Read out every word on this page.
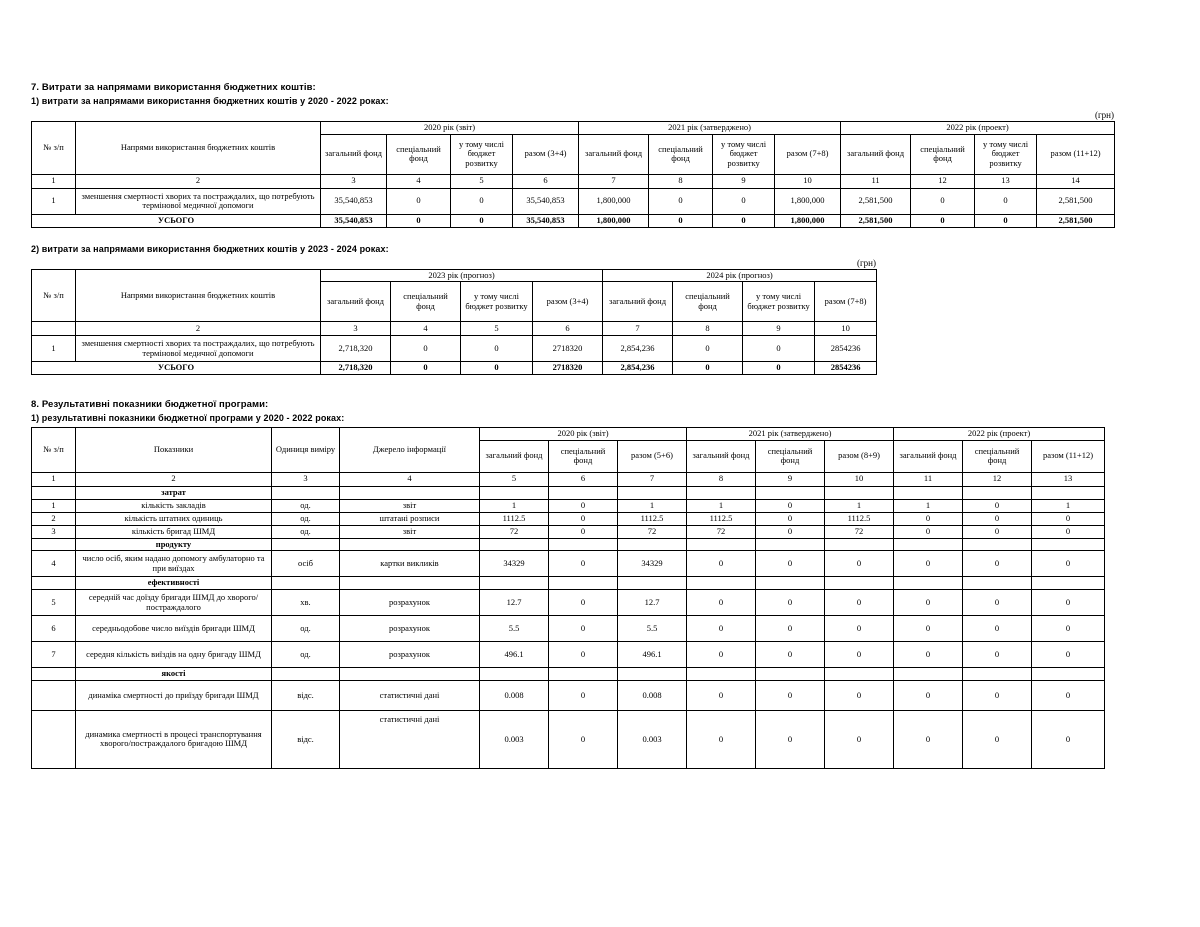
7. Витрати за напрямами використання бюджетних коштів:
1) витрати за напрямами використання бюджетних коштів у 2020 - 2022 роках:
(грн)
№ з/п	Напрями використання бюджетних коштів	2020 рік (звіт)				2021 рік (затверджено)				2022 рік (проект)			
		загальний фонд	спеціальний фонд	у тому числі бюджет розвитку	разом (3+4)	загальний фонд	спеціальний фонд	у тому числі бюджет розвитку	разом (7+8)	загальний фонд	спеціальний фонд	у тому числі бюджет розвитку	разом (11+12)
1	2	3	4	5	6	7	8	9	10	11	12	13	14
1	зменшення смертності хворих та постраждалих, що потребують термінової медичної допомоги	35,540,853	0	0	35,540,853	1,800,000	0	0	1,800,000	2,581,500	0	0	2,581,500
УСЬОГО		35,540,853	0	0	35,540,853	1,800,000	0	0	1,800,000	2,581,500	0	0	2,581,500
2) витрати за напрямами використання бюджетних коштів у 2023 - 2024 роках:
(грн)
№ з/п	Напрями використання бюджетних коштів	2023 рік (прогноз)				2024 рік (прогноз)			
		загальний фонд	спеціальний фонд	у тому числі бюджет розвитку	разом (3+4)	загальний фонд	спеціальний фонд	у тому числі бюджет розвитку	разом (7+8)
	2	3	4	5	6	7	8	9	10
1	зменшення смертності хворих та постраждалих, що потребують термінової медичної допомоги	2,718,320	0	0	2718320	2,854,236	0	0	2854236
УСЬОГО		2,718,320	0	0	2718320	2,854,236	0	0	2854236
8. Результативні показники бюджетної програми:
1) результативні показники бюджетної програми у 2020 - 2022 роках:
№ з/п	Показники	Одиниця виміру	Джерело інформації	2020 рік (звіт)			2021 рік (затверджено)			2022 рік (проект)		
				загальний фонд	спеціальний фонд	разом (5+6)	загальний фонд	спеціальний фонд	разом (8+9)	загальний фонд	спеціальний фонд	разом (11+12)
1	2	3	4	5	6	7	8	9	10	11	12	13
	затрат											
1	кількість закладів	од.	звіт	1	0	1	1	0	1	1	0	1
2	кількість штатних одиниць	од.	штатані розписи	1112.5	0	1112.5	1112.5	0	1112.5	0	0	0
3	кількість бригад ШМД	од.	звіт	72	0	72	72	0	72	0	0	0
	продукту											
4	число осіб, яким надано допомогу амбулаторно та при виїздах	осіб	картки викликів	34329	0	34329	0	0	0	0	0	0
	ефективності											
5	середній час доїзду бригади ШМД до хворого/постраждалого	хв.	розрахунок	12.7	0	12.7	0	0	0	0	0	0
6	середньодобове число виїздів бригади ШМД	од.	розрахунок	5.5	0	5.5	0	0	0	0	0	0
7	середня кількість виїздів на одну бригаду ШМД	од.	розрахунок	496.1	0	496.1	0	0	0	0	0	0
	якості											
	динаміка смертності до приїзду бригади ШМД	відс.	статистичні дані	0.008	0	0.008	0	0	0	0	0	0
	динамика смертності в процесі транспортування хворого/постраждалого бригадою ШМД	відс.	статистичні дані	0.003	0	0.003	0	0	0	0	0	0
